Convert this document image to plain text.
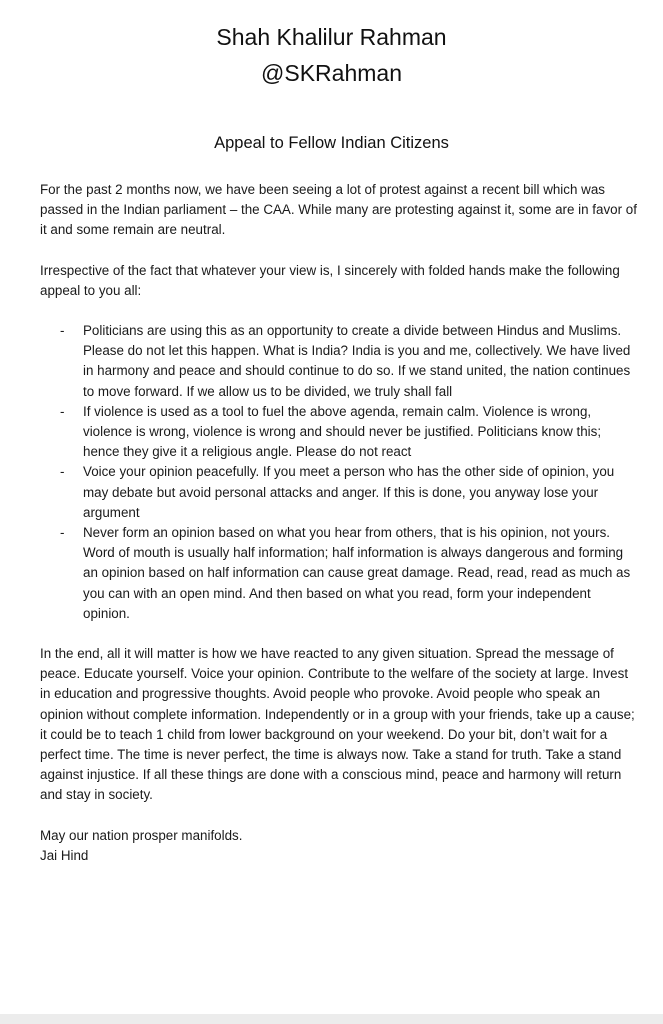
Shah Khalilur Rahman
@SKRahman
Appeal to Fellow Indian Citizens

For the past 2 months now, we have been seeing a lot of protest against a recent bill which was passed in the Indian parliament – the CAA. While many are protesting against it, some are in favor of it and some remain are neutral.

Irrespective of the fact that whatever your view is, I sincerely with folded hands make the following appeal to you all:

- Politicians are using this as an opportunity to create a divide between Hindus and Muslims. Please do not let this happen. What is India? India is you and me, collectively. We have lived in harmony and peace and should continue to do so. If we stand united, the nation continues to move forward. If we allow us to be divided, we truly shall fall
- If violence is used as a tool to fuel the above agenda, remain calm. Violence is wrong, violence is wrong, violence is wrong and should never be justified. Politicians know this; hence they give it a religious angle. Please do not react
- Voice your opinion peacefully. If you meet a person who has the other side of opinion, you may debate but avoid personal attacks and anger. If this is done, you anyway lose your argument
- Never form an opinion based on what you hear from others, that is his opinion, not yours. Word of mouth is usually half information; half information is always dangerous and forming an opinion based on half information can cause great damage. Read, read, read as much as you can with an open mind. And then based on what you read, form your independent opinion.

In the end, all it will matter is how we have reacted to any given situation. Spread the message of peace. Educate yourself. Voice your opinion. Contribute to the welfare of the society at large. Invest in education and progressive thoughts. Avoid people who provoke. Avoid people who speak an opinion without complete information. Independently or in a group with your friends, take up a cause; it could be to teach 1 child from lower background on your weekend. Do your bit, don’t wait for a perfect time. The time is never perfect, the time is always now. Take a stand for truth. Take a stand against injustice. If all these things are done with a conscious mind, peace and harmony will return and stay in society.

May our nation prosper manifolds.

Jai Hind
